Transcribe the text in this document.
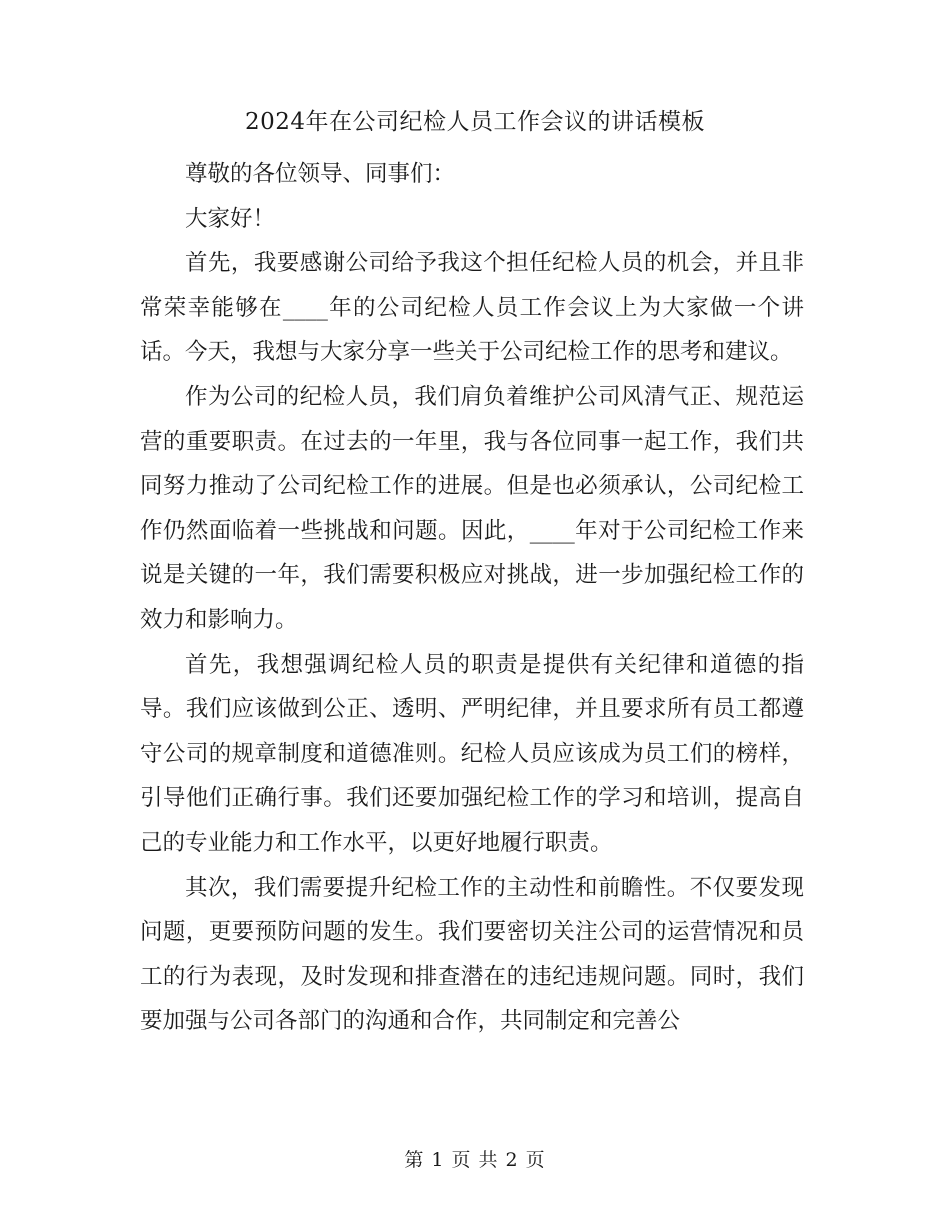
2024年在公司纪检人员工作会议的讲话模板

尊敬的各位领导、同事们：

大家好！

首先，我要感谢公司给予我这个担任纪检人员的机会，并且非常荣幸能够在____年的公司纪检人员工作会议上为大家做一个讲话。今天，我想与大家分享一些关于公司纪检工作的思考和建议。

作为公司的纪检人员，我们肩负着维护公司风清气正、规范运营的重要职责。在过去的一年里，我与各位同事一起工作，我们共同努力推动了公司纪检工作的进展。但是也必须承认，公司纪检工作仍然面临着一些挑战和问题。因此，____年对于公司纪检工作来说是关键的一年，我们需要积极应对挑战，进一步加强纪检工作的效力和影响力。

首先，我想强调纪检人员的职责是提供有关纪律和道德的指导。我们应该做到公正、透明、严明纪律，并且要求所有员工都遵守公司的规章制度和道德准则。纪检人员应该成为员工们的榜样，引导他们正确行事。我们还要加强纪检工作的学习和培训，提高自己的专业能力和工作水平，以更好地履行职责。

其次，我们需要提升纪检工作的主动性和前瞻性。不仅要发现问题，更要预防问题的发生。我们要密切关注公司的运营情况和员工的行为表现，及时发现和排查潜在的违纪违规问题。同时，我们要加强与公司各部门的沟通和合作，共同制定和完善公

第 1 页 共 2 页
